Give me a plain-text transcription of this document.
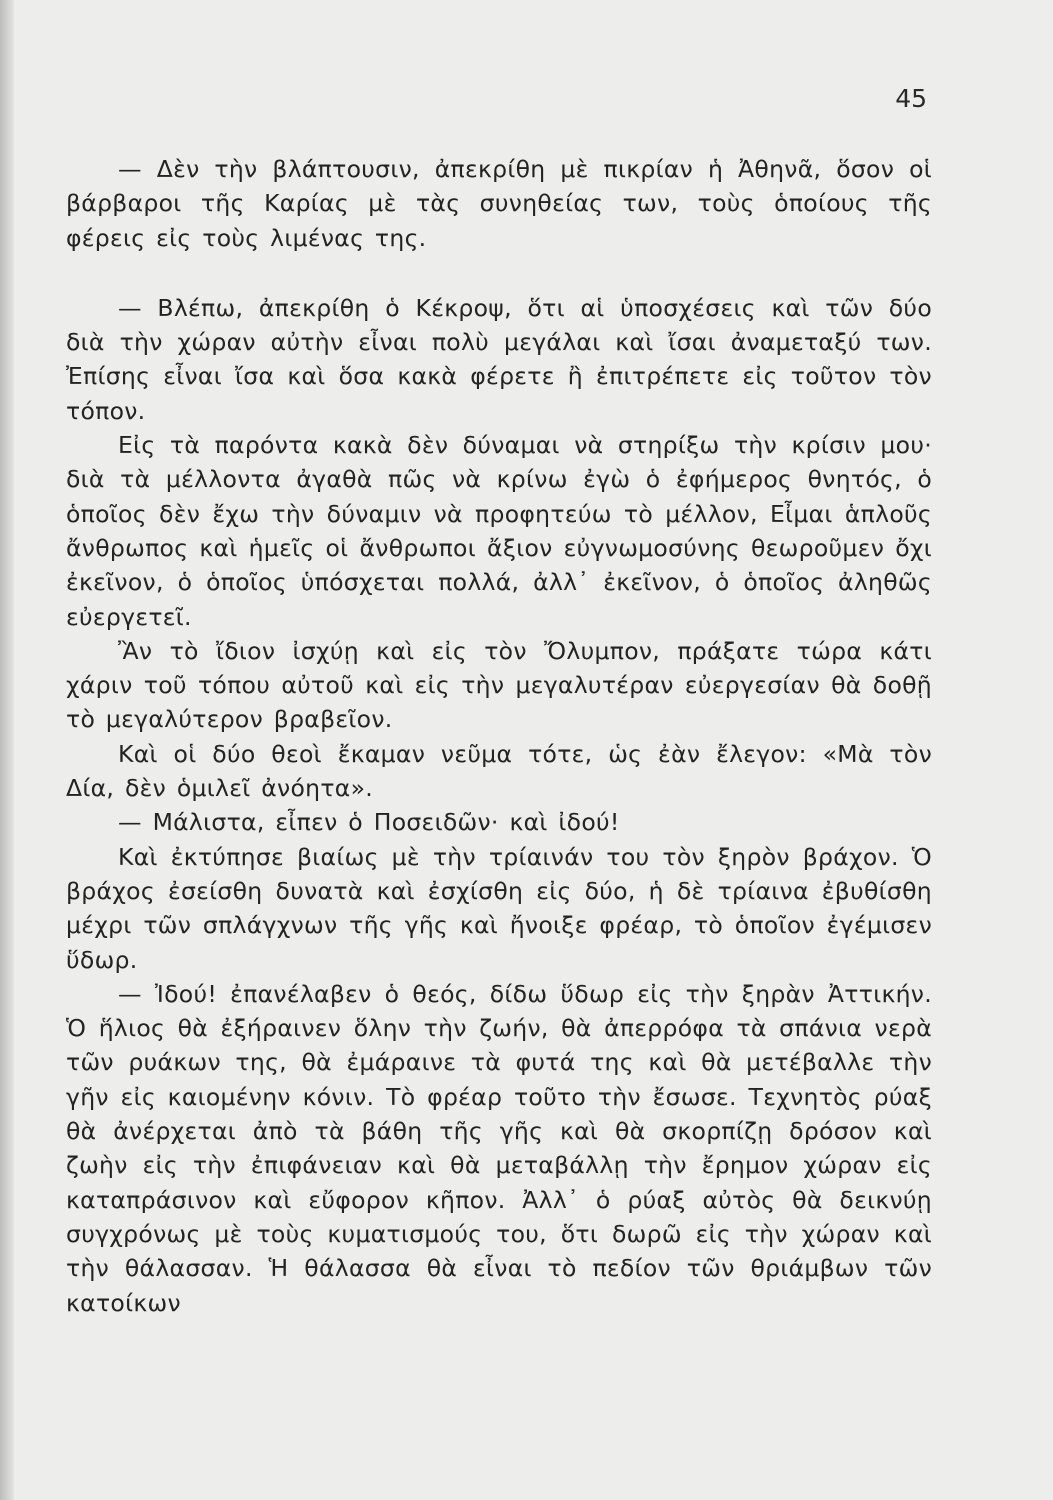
45

— Δὲν τὴν βλάπτουσιν, ἀπεκρίθη μὲ πικρίαν ἡ Ἀθηνᾶ, ὅσον οἱ βάρβαροι τῆς Καρίας μὲ τὰς συνηθείας των, τοὺς ὁποίους τῆς φέρεις εἰς τοὺς λιμένας της.

— Βλέπω, ἀπεκρίθη ὁ Κέκροψ, ὅτι αἱ ὑποσχέσεις καὶ τῶν δύο διὰ τὴν χώραν αὐτὴν εἶναι πολὺ μεγάλαι καὶ ἴσαι ἀναμεταξύ των. Ἐπίσης εἶναι ἴσα καὶ ὅσα κακὰ φέρετε ἢ ἐπιτρέπετε εἰς τοῦτον τὸν τόπον.

Εἰς τὰ παρόντα κακὰ δὲν δύναμαι νὰ στηρίξω τὴν κρίσιν μου· διὰ τὰ μέλλοντα ἀγαθὰ πῶς νὰ κρίνω ἐγὼ ὁ ἐφήμερος θνητός, ὁ ὁποῖος δὲν ἔχω τὴν δύναμιν νὰ προφητεύω τὸ μέλλον, Εἶμαι ἁπλοῦς ἄνθρωπος καὶ ἡμεῖς οἱ ἄνθρωποι ἄξιον εὐγνωμοσύνης θεωροῦμεν ὄχι ἐκεῖνον, ὁ ὁποῖος ὑπόσχεται πολλά, ἀλλ᾽ ἐκεῖνον, ὁ ὁποῖος ἀληθῶς εὐεργετεῖ.

Ἂν τὸ ἴδιον ἰσχύῃ καὶ εἰς τὸν Ὄλυμπον, πράξατε τώρα κάτι χάριν τοῦ τόπου αὐτοῦ καὶ εἰς τὴν μεγαλυτέραν εὐεργεσίαν θὰ δοθῇ τὸ μεγαλύτερον βραβεῖον.

Καὶ οἱ δύο θεοὶ ἔκαμαν νεῦμα τότε, ὡς ἐὰν ἔλεγον: «Μὰ τὸν Δία, δὲν ὁμιλεῖ ἀνόητα».

— Μάλιστα, εἶπεν ὁ Ποσειδῶν· καὶ ἰδού!

Καὶ ἐκτύπησε βιαίως μὲ τὴν τρίαινάν του τὸν ξηρὸν βράχον. Ὁ βράχος ἐσείσθη δυνατὰ καὶ ἐσχίσθη εἰς δύο, ἡ δὲ τρίαινα ἐβυθίσθη μέχρι τῶν σπλάγχνων τῆς γῆς καὶ ἤνοιξε φρέαρ, τὸ ὁποῖον ἐγέμισεν ὕδωρ.

— Ἰδού! ἐπανέλαβεν ὁ θεός, δίδω ὕδωρ εἰς τὴν ξηρὰν Ἀττικήν. Ὁ ἥλιος θὰ ἐξήραινεν ὅλην τὴν ζωήν, θὰ ἀπερρόφα τὰ σπάνια νερὰ τῶν ρυάκων της, θὰ ἐμάραινε τὰ φυτά της καὶ θὰ μετέβαλλε τὴν γῆν εἰς καιομένην κόνιν. Τὸ φρέαρ τοῦτο τὴν ἔσωσε. Τεχνητὸς ρύαξ θὰ ἀνέρχεται ἀπὸ τὰ βάθη τῆς γῆς καὶ θὰ σκορπίζῃ δρόσον καὶ ζωὴν εἰς τὴν ἐπιφάνειαν καὶ θὰ μεταβάλλῃ τὴν ἔρημον χώραν εἰς καταπράσινον καὶ εὔφορον κῆπον. Ἀλλ᾽ ὁ ρύαξ αὐτὸς θὰ δεικνύῃ συγχρόνως μὲ τοὺς κυματισμούς του, ὅτι δωρῶ εἰς τὴν χώραν καὶ τὴν θάλασσαν. Ἡ θάλασσα θὰ εἶναι τὸ πεδίον τῶν θριάμβων τῶν κατοίκων
